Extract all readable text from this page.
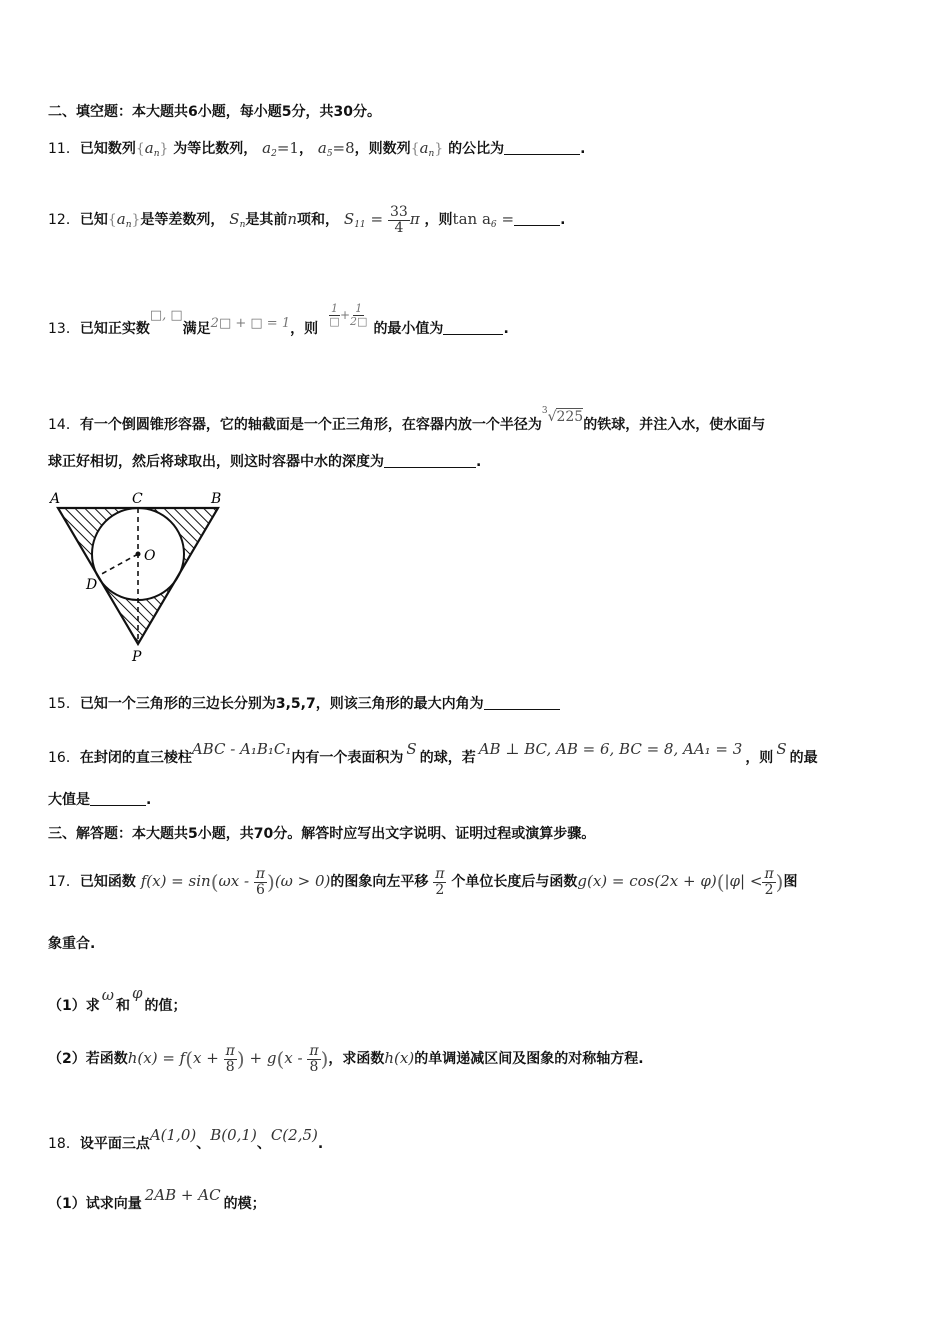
二、填空题：本大题共6小题，每小题5分，共30分。
11．已知数列$\{a_n\}$ 为等比数列， $a_2=1$， $a_5=8$，则数列$\{a_n\}$ 的公比为	.
12．已知$\{a_n\}$是等差数列， $S_n$是其前n项和， $S_{11} = \frac{33}{4}$ π ，则$\tan a_6$ =	.
13．已知正实数□, □满足2□ + □ = 1，则
$\frac{1}{□} + \frac{1}{2□}$
的最小值为	.
14．有一个倒圆锥形容器，它的轴截面是一个正三角形，在容器内放一个半径为$^3$√225的铁球，并注入水，使水面与
球正好相切，然后将球取出，则这时容器中水的深度为	.
A	C	B
O
D
P
15．已知一个三角形的三边长分别为3,5,7，则该三角形的最大内角为
16．在封闭的直三棱柱ABC - A₁B₁C₁内有一个表面积为 S 的球，若 AB ⊥ BC, AB = 6, BC = 8, AA₁ = 3 ，则 S 的最
大值是	.
三、解答题：本大题共5小题，共70分。解答时应写出文字说明、证明过程或演算步骤。
17．已知函数 $f(x) = \sin(\omega x - \frac{\pi}{6} )(\omega > 0)$的图象向左平移 $\frac{\pi}{2}$ 个单位长度后与函数$g(x) = \cos(2x + \varphi)(|\varphi| < \frac{\pi}{2}$ )图
象重合.
（1）求ω和φ的值；
（2）若函数$h(x) = f(x + \frac{\pi}{8}$ ) + $g(x - \frac{\pi}{8}$ )，求函数h(x)的单调递减区间及图象的对称轴方程.
18．设平面三点A(1,0)、B(0,1)、C(2,5).
（1）试求向量 2AB + AC 的模；
